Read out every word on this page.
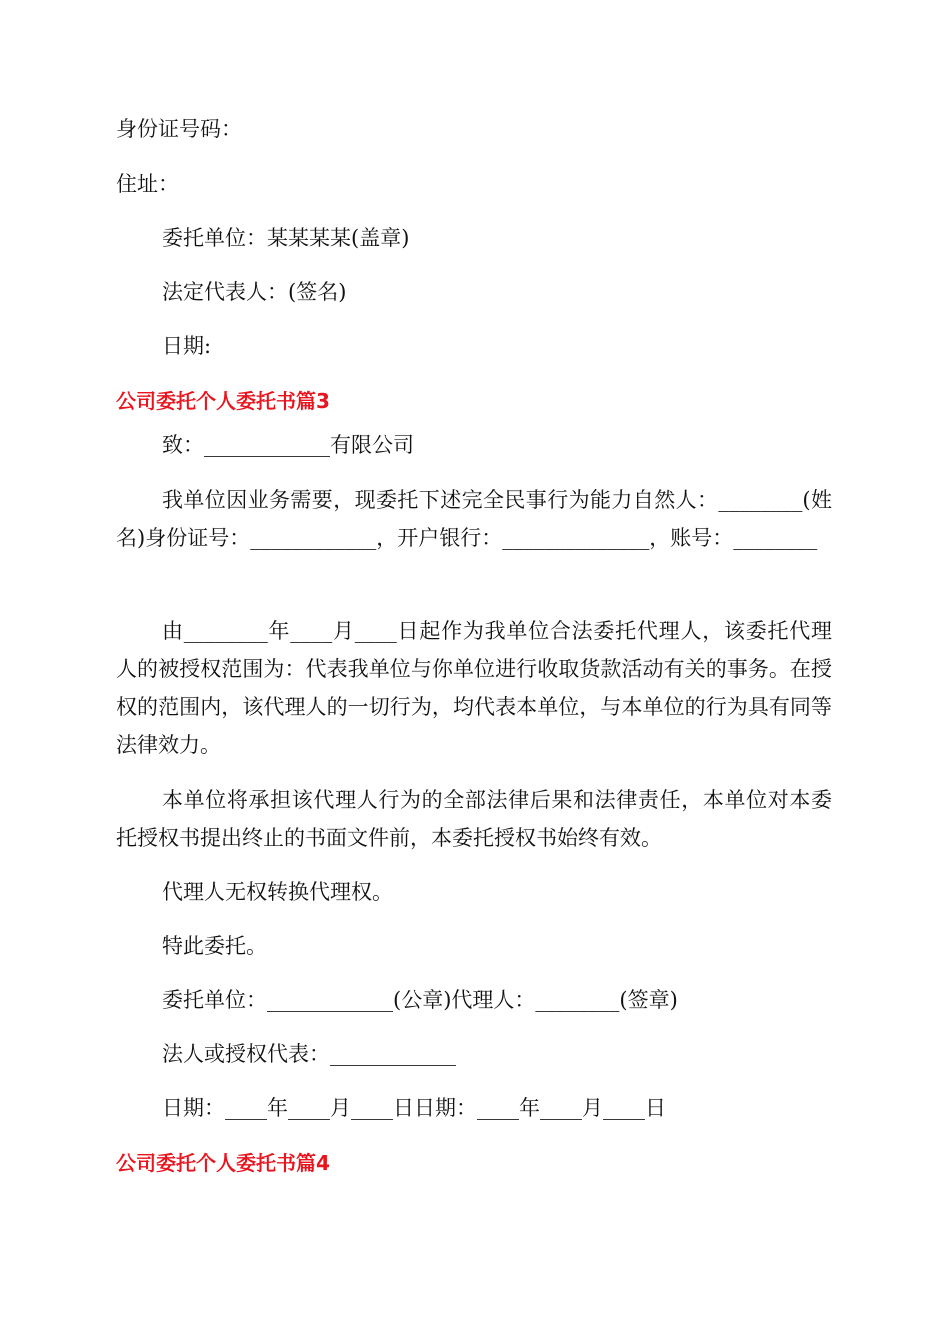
身份证号码：
住址：
委托单位：某某某某(盖章)
法定代表人：(签名)
日期:
公司委托个人委托书篇3
致：____________有限公司
我单位因业务需要，现委托下述完全民事行为能力自然人：________(姓名)身份证号：____________，开户银行：______________，账号：________
由________年____月____日起作为我单位合法委托代理人，该委托代理人的被授权范围为：代表我单位与你单位进行收取货款活动有关的事务。在授权的范围内，该代理人的一切行为，均代表本单位，与本单位的行为具有同等法律效力。
本单位将承担该代理人行为的全部法律后果和法律责任，本单位对本委托授权书提出终止的书面文件前，本委托授权书始终有效。
代理人无权转换代理权。
特此委托。
委托单位：____________(公章)代理人：________(签章)
法人或授权代表：____________
日期：____年____月____日日期：____年____月____日
公司委托个人委托书篇4
